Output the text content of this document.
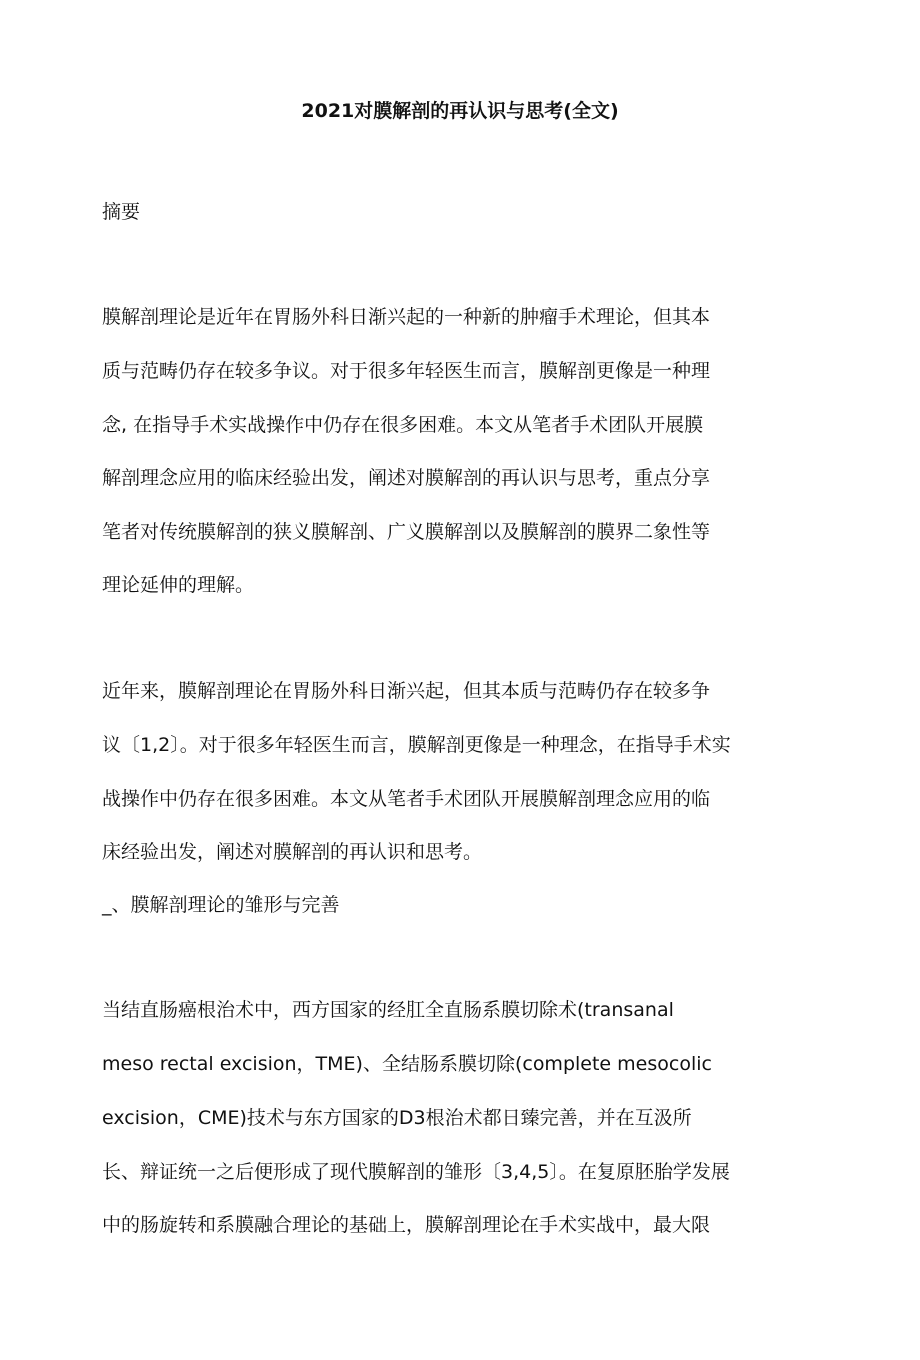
2021对膜解剖的再认识与思考(全文)
摘要
膜解剖理论是近年在胃肠外科日渐兴起的一种新的肿瘤手术理论，但其本
质与范畴仍存在较多争议。对于很多年轻医生而言，膜解剖更像是一种理
念, 在指导手术实战操作中仍存在很多困难。本文从笔者手术团队开展膜
解剖理念应用的临床经验出发，阐述对膜解剖的再认识与思考，重点分享
笔者对传统膜解剖的狭义膜解剖、广义膜解剖以及膜解剖的膜界二象性等
理论延伸的理解。
近年来，膜解剖理论在胃肠外科日渐兴起，但其本质与范畴仍存在较多争
议〔1,2〕。对于很多年轻医生而言，膜解剖更像是一种理念，在指导手术实
战操作中仍存在很多困难。本文从笔者手术团队开展膜解剖理念应用的临
床经验出发，阐述对膜解剖的再认识和思考。
_、膜解剖理论的雏形与完善
当结直肠癌根治术中，西方国家的经肛全直肠系膜切除术(transanal
meso rectal excision，TME)、全结肠系膜切除(complete mesocolic
excision，CME)技术与东方国家的D3根治术都日臻完善，并在互汲所
长、辩证统一之后便形成了现代膜解剖的雏形〔3,4,5〕。在复原胚胎学发展
中的肠旋转和系膜融合理论的基础上，膜解剖理论在手术实战中，最大限
